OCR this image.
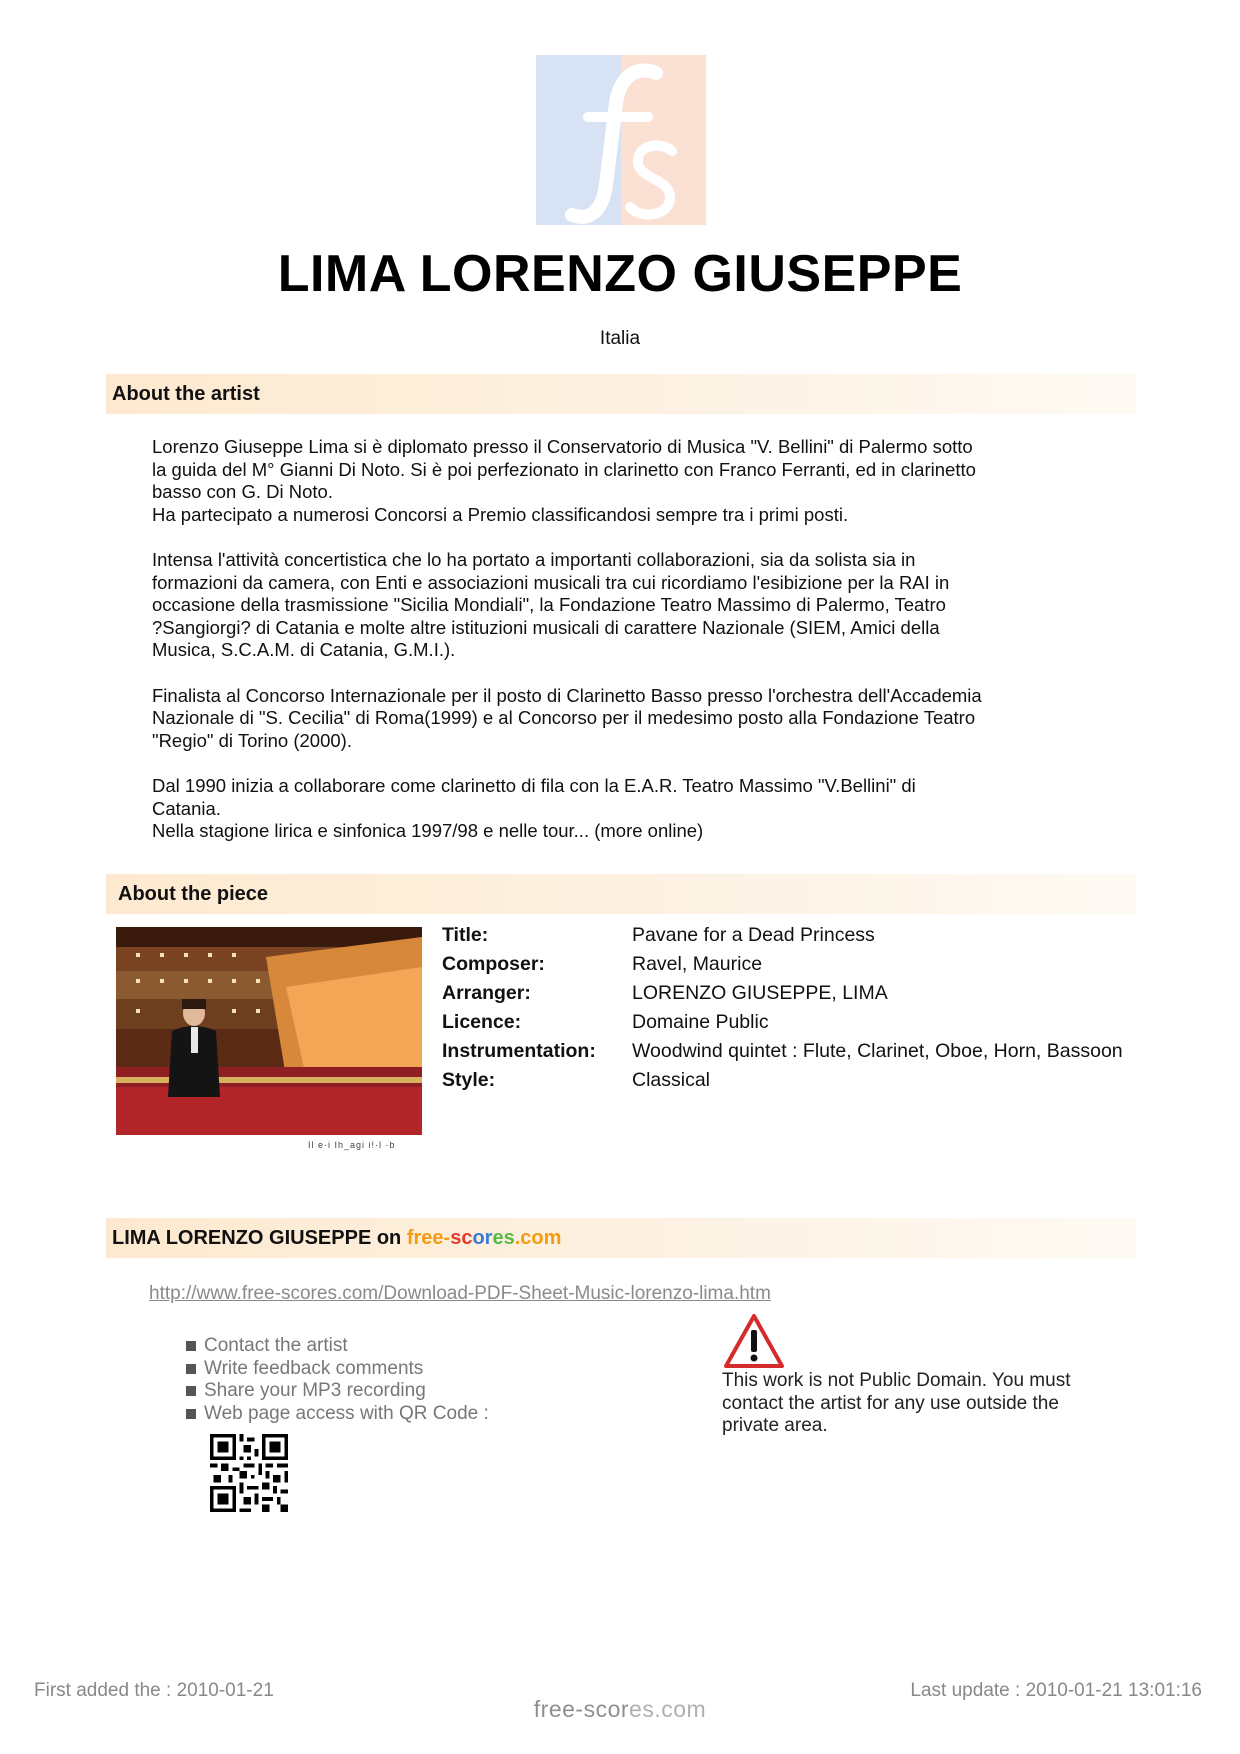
LIMA LORENZO GIUSEPPE
Italia
About the artist

Lorenzo Giuseppe Lima si è diplomato presso il Conservatorio di Musica "V. Bellini" di Palermo sotto
la guida del M° Gianni Di Noto. Si è poi perfezionato in clarinetto con Franco Ferranti, ed in clarinetto
basso con G. Di Noto.
Ha partecipato a numerosi Concorsi a Premio classificandosi sempre tra i primi posti.

Intensa l'attività concertistica che lo ha portato a importanti collaborazioni, sia da solista sia in
formazioni da camera, con Enti e associazioni musicali tra cui ricordiamo l'esibizione per la RAI in
occasione della trasmissione "Sicilia Mondiali", la Fondazione Teatro Massimo di Palermo, Teatro
?Sangiorgi? di Catania e molte altre istituzioni musicali di carattere Nazionale (SIEM, Amici della
Musica, S.C.A.M. di Catania, G.M.I.).

Finalista al Concorso Internazionale per il posto di Clarinetto Basso presso l'orchestra dell'Accademia
Nazionale di "S. Cecilia" di Roma(1999) e al Concorso per il medesimo posto alla Fondazione Teatro
"Regio" di Torino (2000).

Dal 1990 inizia a collaborare come clarinetto di fila con la E.A.R. Teatro Massimo "V.Bellini" di
Catania.
Nella stagione lirica e sinfonica 1997/98 e nelle tour... (more online)

About the piece
Il e·i Ih_agi i!·l ·b
Title:	Pavane for a Dead Princess
Composer:	Ravel, Maurice
Arranger:	LORENZO GIUSEPPE, LIMA
Licence:	Domaine Public
Instrumentation:	Woodwind quintet : Flute, Clarinet, Oboe, Horn, Bassoon
Style:	Classical
LIMA LORENZO GIUSEPPE on free-scores.com
http://www.free-scores.com/Download-PDF-Sheet-Music-lorenzo-lima.htm
Contact the artist
Write feedback comments
Share your MP3 recording
Web page access with QR Code :
This work is not Public Domain. You must contact the artist for any use outside the private area.
First added the : 2010-01-21
free-scores.com
Last update : 2010-01-21 13:01:16
